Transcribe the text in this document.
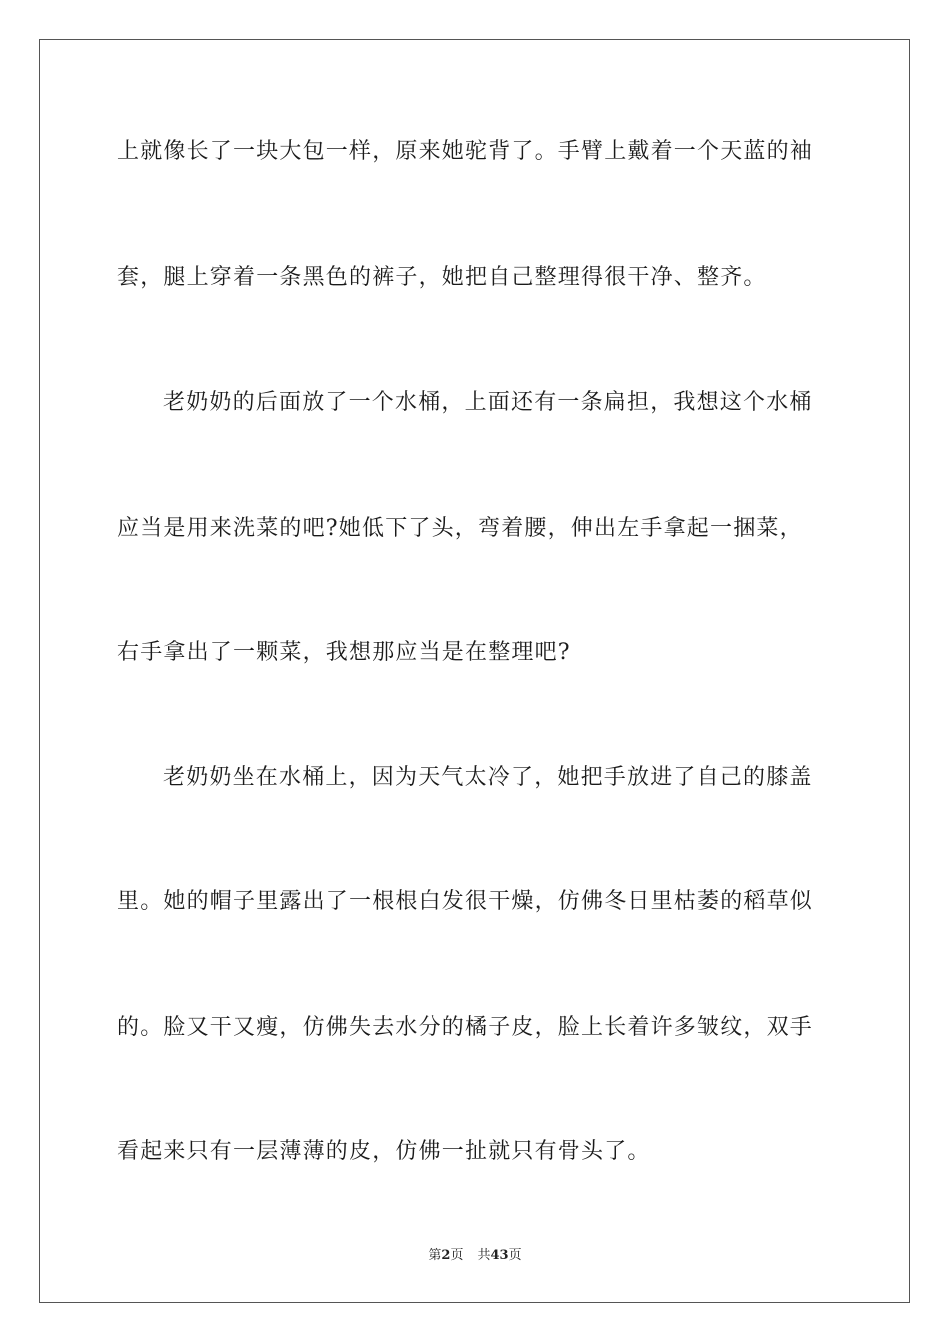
上就像长了一块大包一样，原来她驼背了。手臂上戴着一个天蓝的袖
套，腿上穿着一条黑色的裤子，她把自己整理得很干净、整齐。
老奶奶的后面放了一个水桶，上面还有一条扁担，我想这个水桶
应当是用来洗菜的吧?她低下了头，弯着腰，伸出左手拿起一捆菜，
右手拿出了一颗菜，我想那应当是在整理吧?
老奶奶坐在水桶上，因为天气太冷了，她把手放进了自己的膝盖
里。她的帽子里露出了一根根白发很干燥，仿佛冬日里枯萎的稻草似
的。脸又干又瘦，仿佛失去水分的橘子皮，脸上长着许多皱纹，双手
看起来只有一层薄薄的皮，仿佛一扯就只有骨头了。
第2页 共43页
